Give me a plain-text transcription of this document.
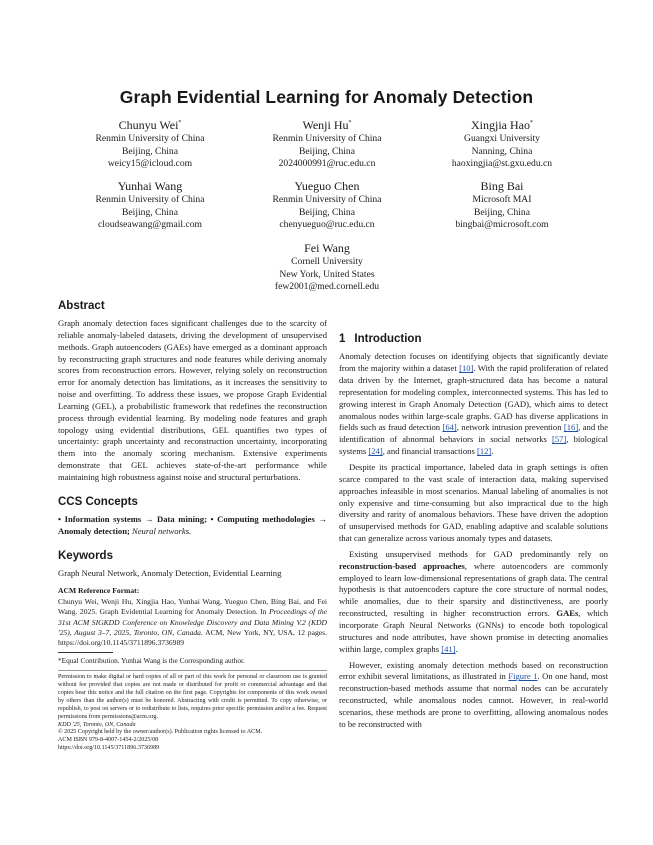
Graph Evidential Learning for Anomaly Detection
Chunyu Wei*
Renmin University of China
Beijing, China
weicy15@icloud.com
Wenji Hu*
Renmin University of China
Beijing, China
2024000991@ruc.edu.cn
Xingjia Hao*
Guangxi University
Nanning, China
haoxingjia@st.gxu.edu.cn
Yunhai Wang
Renmin University of China
Beijing, China
cloudseawang@gmail.com
Yueguo Chen
Renmin University of China
Beijing, China
chenyueguo@ruc.edu.cn
Bing Bai
Microsoft MAI
Beijing, China
bingbai@microsoft.com
Fei Wang
Cornell University
New York, United States
few2001@med.cornell.edu
Abstract

Graph anomaly detection faces significant challenges due to the scarcity of reliable anomaly-labeled datasets, driving the development of unsupervised methods. Graph autoencoders (GAEs) have emerged as a dominant approach by reconstructing graph structures and node features while deriving anomaly scores from reconstruction errors. However, relying solely on reconstruction error for anomaly detection has limitations, as it increases the sensitivity to noise and overfitting. To address these issues, we propose Graph Evidential Learning (GEL), a probabilistic framework that redefines the reconstruction process through evidential learning. By modeling node features and graph topology using evidential distributions, GEL quantifies two types of uncertainty: graph uncertainty and reconstruction uncertainty, incorporating them into the anomaly scoring mechanism. Extensive experiments demonstrate that GEL achieves state-of-the-art performance while maintaining high robustness against noise and structural perturbations.

CCS Concepts

• Information systems → Data mining; • Computing methodologies → Anomaly detection; Neural networks.

Keywords

Graph Neural Network, Anomaly Detection, Evidential Learning

ACM Reference Format:
Chunyu Wei, Wenji Hu, Xingjia Hao, Yunhai Wang, Yueguo Chen, Bing Bai, and Fei Wang. 2025. Graph Evidential Learning for Anomaly Detection. In Proceedings of the 31st ACM SIGKDD Conference on Knowledge Discovery and Data Mining V.2 (KDD '25), August 3–7, 2025, Toronto, ON, Canada. ACM, New York, NY, USA, 12 pages. https://doi.org/10.1145/3711896.3736989

*Equal Contribution. Yunhai Wang is the Corresponding author.

Permission to make digital or hard copies of all or part of this work for personal or classroom use is granted without fee provided that copies are not made or distributed for profit or commercial advantage and that copies bear this notice and the full citation on the first page. Copyrights for components of this work owned by others than the author(s) must be honored. Abstracting with credit is permitted. To copy otherwise, or republish, to post on servers or to redistribute to lists, requires prior specific permission and/or a fee. Request permissions from permissions@acm.org.

KDD '25, Toronto, ON, Canada

© 2025 Copyright held by the owner/author(s). Publication rights licensed to ACM.

ACM ISBN 979-8-4007-1454-2/2025/08

https://doi.org/10.1145/3711896.3736989

1 Introduction

Anomaly detection focuses on identifying objects that significantly deviate from the majority within a dataset [10]. With the rapid proliferation of related data driven by the Internet, graph-structured data has become a natural representation for modeling complex, interconnected systems. This has led to growing interest in Graph Anomaly Detection (GAD), which aims to detect anomalous nodes within large-scale graphs. GAD has diverse applications in fields such as fraud detection [64], network intrusion prevention [16], and the identification of abnormal behaviors in social networks [57], biological systems [24], and financial transactions [12].

Despite its practical importance, labeled data in graph settings is often scarce compared to the vast scale of interaction data, making supervised approaches infeasible in most scenarios. Manual labeling of anomalies is not only expensive and time-consuming but also impractical due to the high diversity and rarity of anomalous behaviors. These have driven the adoption of unsupervised methods for GAD, enabling adaptive and scalable solutions that can generalize across various anomaly types and datasets.

Existing unsupervised methods for GAD predominantly rely on reconstruction-based approaches, where autoencoders are commonly employed to learn low-dimensional representations of graph data. The central hypothesis is that autoencoders capture the core structure of normal nodes, while anomalies, due to their sparsity and distinctiveness, are poorly reconstructed, resulting in higher reconstruction errors. GAEs, which incorporate Graph Neural Networks (GNNs) to encode both topological structures and node attributes, have shown promise in detecting anomalies within large, complex graphs [41].

However, existing anomaly detection methods based on reconstruction error exhibit several limitations, as illustrated in Figure 1. On one hand, most reconstruction-based methods assume that normal nodes can be accurately reconstructed, while anomalous nodes cannot. However, in real-world scenarios, these methods are prone to overfitting, allowing anomalous nodes to be reconstructed with
